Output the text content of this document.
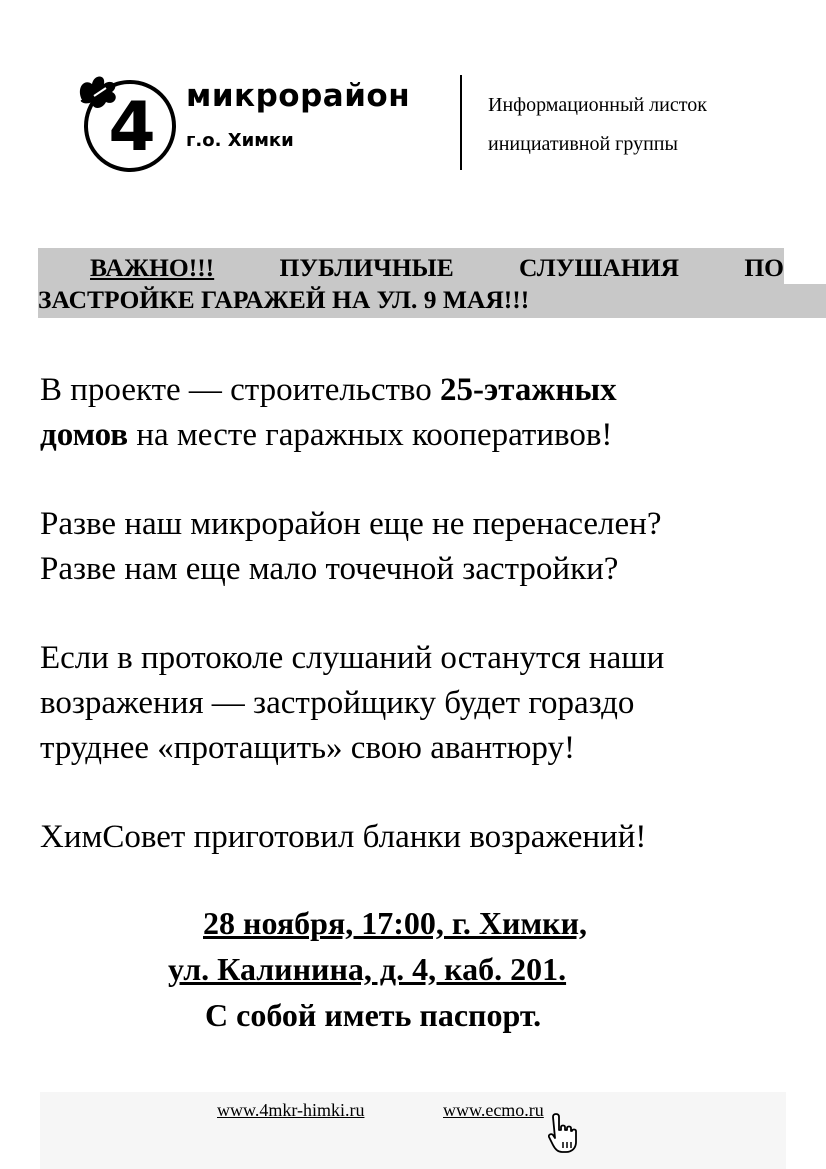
4 микрорайон
г.о. Химки
Информационный листок
инициативной группы
ВАЖНО!!! ПУБЛИЧНЫЕ СЛУШАНИЯ ПО
ЗАСТРОЙКЕ ГАРАЖЕЙ НА УЛ. 9 МАЯ!!!
В проекте — строительство 25-этажных
домов на месте гаражных кооперативов!
Разве наш микрорайон еще не перенаселен?
Разве нам еще мало точечной застройки?
Если в протоколе слушаний останутся наши
возражения — застройщику будет гораздо
труднее «протащить» свою авантюру!
ХимСовет приготовил бланки возражений!
28 ноября, 17:00, г. Химки,
ул. Калинина, д. 4, каб. 201.
С собой иметь паспорт.
www.4mkr-himki.ru	www.ecmo.ru
